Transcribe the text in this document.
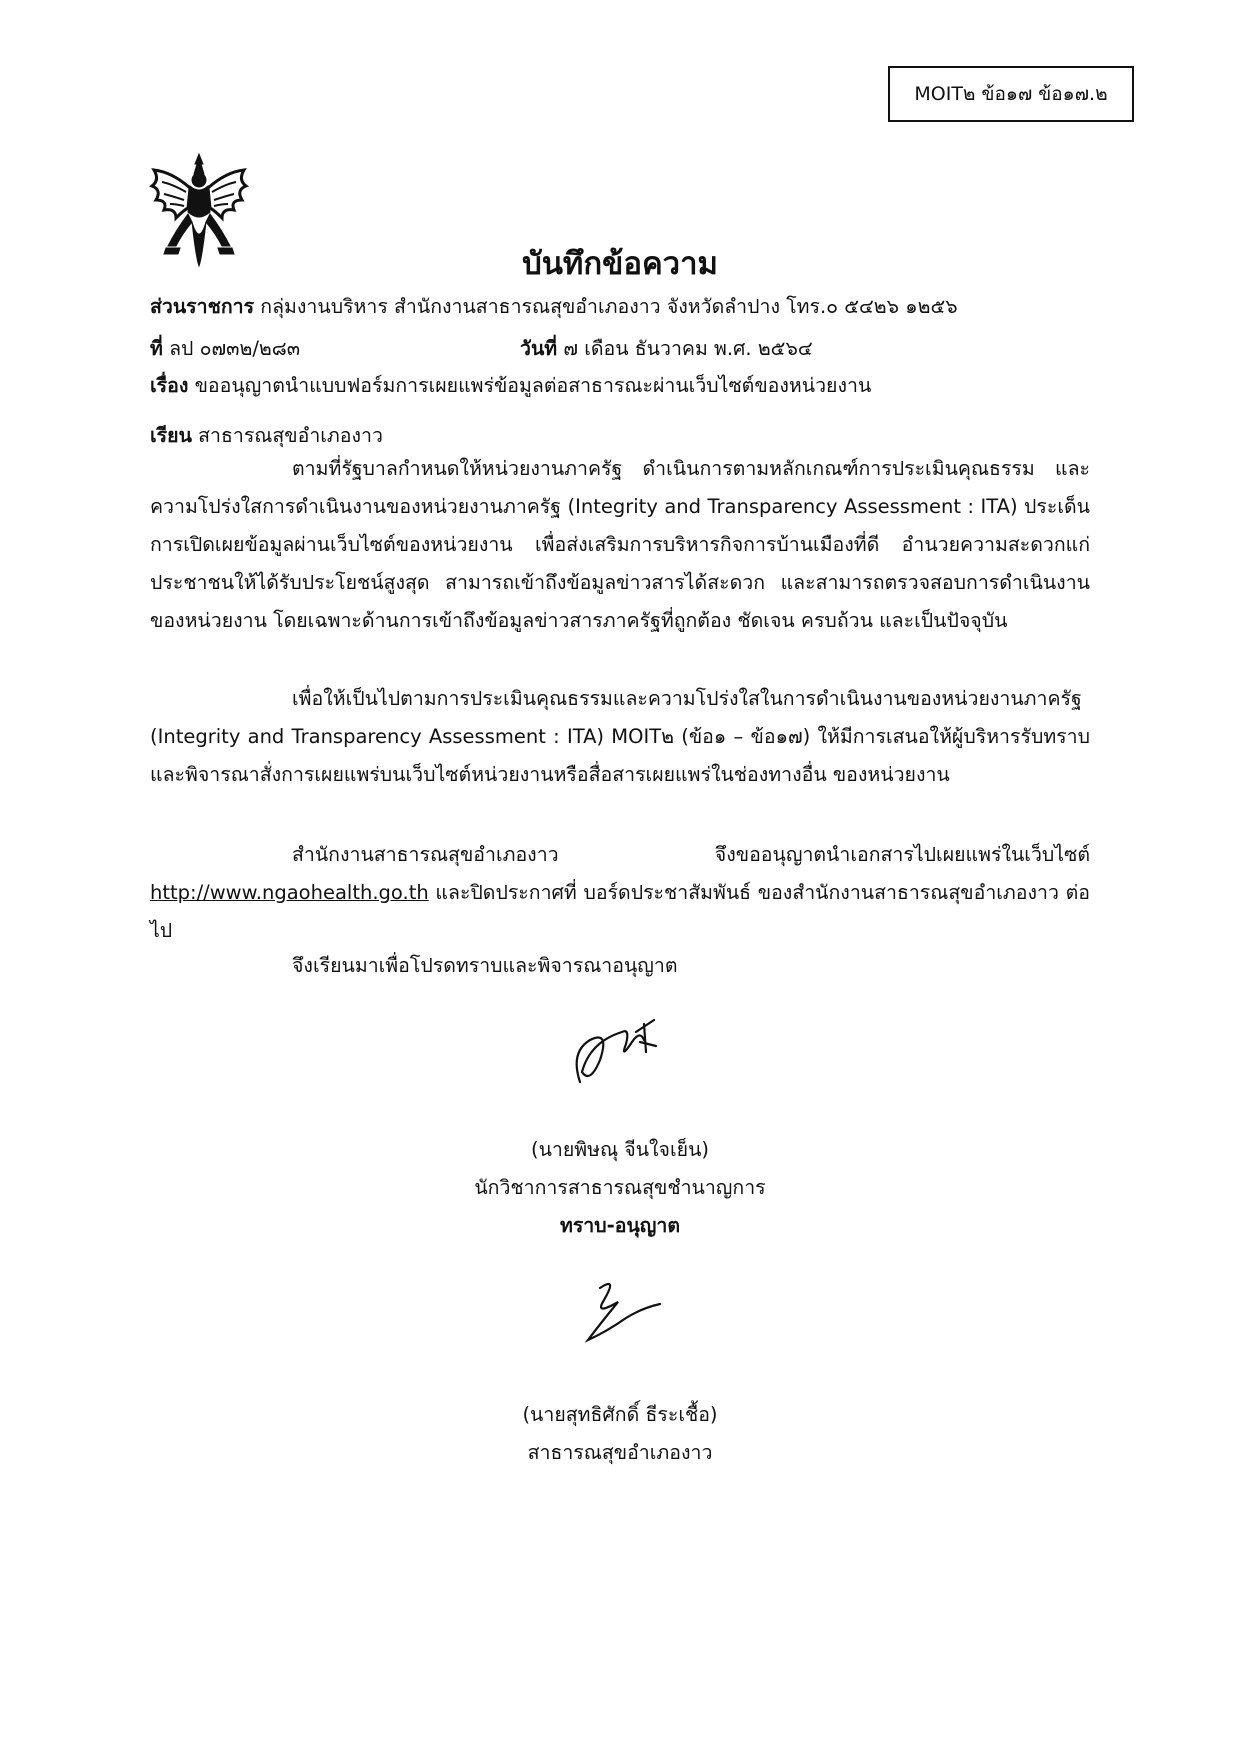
MOIT๒ ข้อ๑๗ ข้อ๑๗.๒
บันทึกข้อความ
ส่วนราชการ กลุ่มงานบริหาร สำนักงานสาธารณสุขอำเภองาว จังหวัดลำปาง โทร.๐ ๕๔๒๖ ๑๒๕๖
ที่ ลป ๐๗๓๒/๒๘๓	วันที่ ๗ เดือน ธันวาคม พ.ศ. ๒๕๖๔
เรื่อง ขออนุญาตนำแบบฟอร์มการเผยแพร่ข้อมูลต่อสาธารณะผ่านเว็บไซต์ของหน่วยงาน
เรียน สาธารณสุขอำเภองาว
ตามที่รัฐบาลกำหนดให้หน่วยงานภาครัฐ ดำเนินการตามหลักเกณฑ์การประเมินคุณธรรม และความโปร่งใสการดำเนินงานของหน่วยงานภาครัฐ (Integrity and Transparency Assessment : ITA) ประเด็นการเปิดเผยข้อมูลผ่านเว็บไซต์ของหน่วยงาน เพื่อส่งเสริมการบริหารกิจการบ้านเมืองที่ดี อำนวยความสะดวกแก่ประชาชนให้ได้รับประโยชน์สูงสุด สามารถเข้าถึงข้อมูลข่าวสารได้สะดวก และสามารถตรวจสอบการดำเนินงานของหน่วยงาน โดยเฉพาะด้านการเข้าถึงข้อมูลข่าวสารภาครัฐที่ถูกต้อง ชัดเจน ครบถ้วน และเป็นปัจจุบัน
เพื่อให้เป็นไปตามการประเมินคุณธรรมและความโปร่งใสในการดำเนินงานของหน่วยงานภาครัฐ (Integrity and Transparency Assessment : ITA) MOIT๒ (ข้อ๑ – ข้อ๑๗) ให้มีการเสนอให้ผู้บริหารรับทราบและพิจารณาสั่งการเผยแพร่บนเว็บไซต์หน่วยงานหรือสื่อสารเผยแพร่ในช่องทางอื่น ของหน่วยงาน
สำนักงานสาธารณสุขอำเภองาว จึงขออนุญาตนำเอกสารไปเผยแพร่ในเว็บไซต์ http://www.ngaohealth.go.th และปิดประกาศที่ บอร์ดประชาสัมพันธ์ ของสำนักงานสาธารณสุขอำเภองาว ต่อไป
จึงเรียนมาเพื่อโปรดทราบและพิจารณาอนุญาต
(นายพิษณุ จีนใจเย็น)
นักวิชาการสาธารณสุขชำนาญการ
ทราบ-อนุญาต
(นายสุทธิศักดิ์ ธีระเชื้อ)
สาธารณสุขอำเภองาว
